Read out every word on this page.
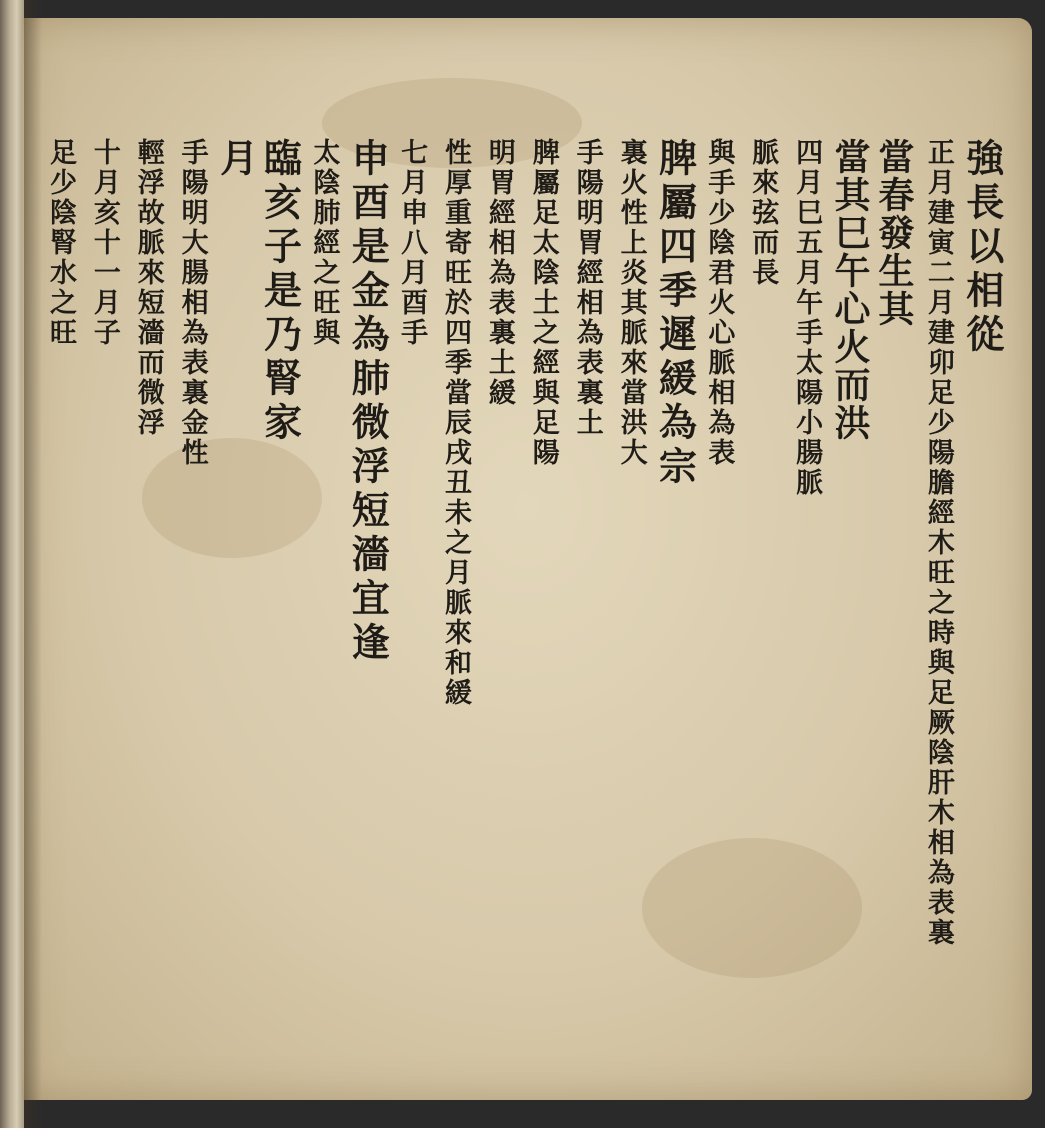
強長以相從
正月建寅二月建卯足少陽膽經木旺之時與足厥陰肝木相為表裏
當春發生其
當其巳午心火而洪
四月巳五月午手太陽小腸脈
脈來弦而長
與手少陰君火心脈相為表
脾屬四季遲緩為宗
裏火性上炎其脈來當洪大
手陽明胃經相為表裏土
脾屬足太陰土之經與足陽
明胃經相為表裏土緩
性厚重寄旺於四季當辰戌丑未之月脈來和緩
七月申八月酉手
申酉是金為肺微浮短濇宜逢
太陰肺經之旺與
臨亥子是乃腎家
月
手陽明大腸相為表裏金性
輕浮故脈來短濇而微浮
十月亥十一月子
足少陰腎水之旺
